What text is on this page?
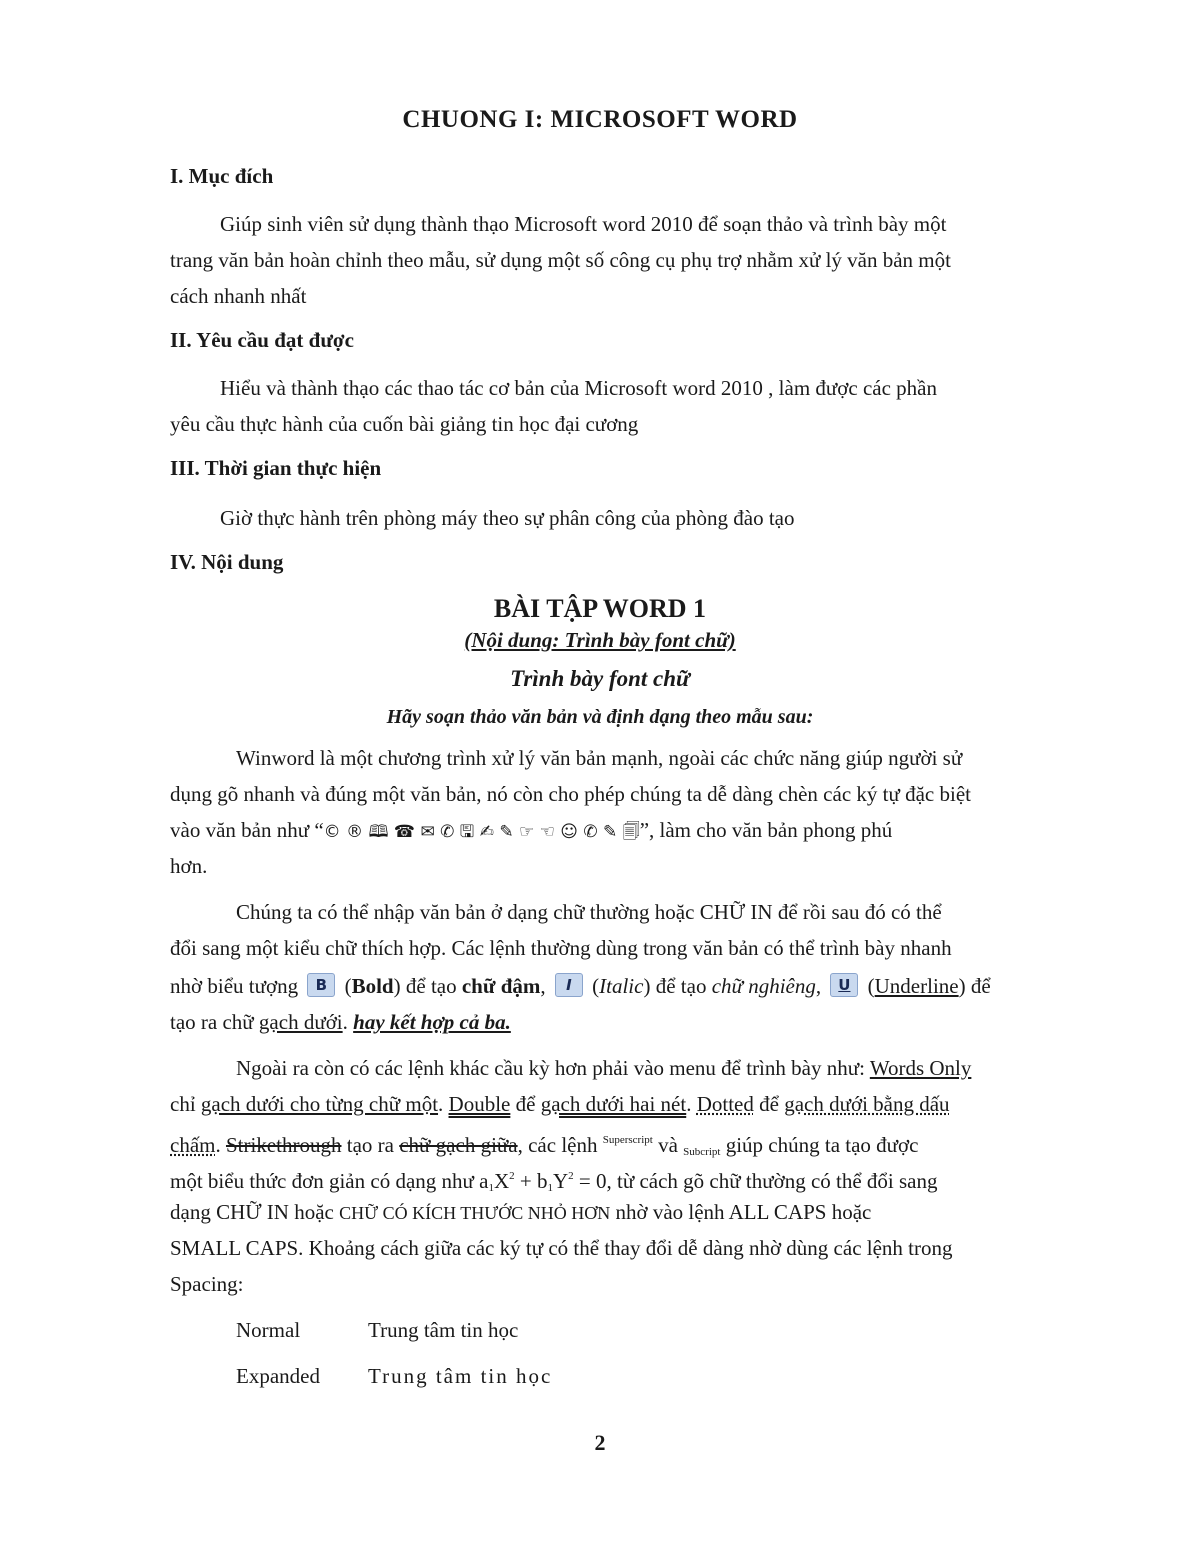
CHUONG I: MICROSOFT WORD
I. Mục đích
Giúp sinh viên sử dụng thành thạo Microsoft word 2010 để soạn thảo và trình bày một
trang văn bản hoàn chỉnh theo mẫu, sử dụng một số công cụ phụ trợ nhằm xử lý văn bản một
cách nhanh nhất
II. Yêu cầu đạt được
Hiểu và thành thạo các thao tác cơ bản của Microsoft word 2010 , làm được các phần
yêu cầu thực hành của cuốn bài giảng tin học đại cương
III. Thời gian thực hiện
Giờ thực hành trên phòng máy theo sự phân công của phòng đào tạo
IV. Nội dung
BÀI TẬP WORD 1
(Nội dung: Trình bày font chữ)
Trình bày font chữ
Hãy soạn thảo văn bản và định dạng theo mẫu sau:
Winword là một chương trình xử lý văn bản mạnh, ngoài các chức năng giúp người sử
dụng gõ nhanh và đúng một văn bản, nó còn cho phép chúng ta dễ dàng chèn các ký tự đặc biệt
vào văn bản như “© ® 🕮 ☎ ✉ ✆ 🖫 ✍ ✎ ☞ ☜ ☺ ✆ ✎ 🗐”, làm cho văn bản phong phú
hơn.
Chúng ta có thể nhập văn bản ở dạng chữ thường hoặc CHỮ IN để rồi sau đó có thể
đổi sang một kiểu chữ thích hợp. Các lệnh thường dùng trong văn bản có thể trình bày nhanh
nhờ biểu tượng B (Bold) để tạo chữ đậm, I (Italic) để tạo chữ nghiêng, U (Underline) để
tạo ra chữ gạch dưới. hay kết hợp cả ba.
Ngoài ra còn có các lệnh khác cầu kỳ hơn phải vào menu để trình bày như: Words Only
chỉ gạch dưới cho từng chữ một. Double để gạch dưới hai nét. Dotted để gạch dưới bằng dấu
chấm. Strikethrough tạo ra chữ gạch giữa, các lệnh $^{Superscript}$ và $_{Subcript}$ giúp chúng ta tạo được
một biểu thức đơn giản có dạng như $a_1X^2 + b_1Y^2 = 0$, từ cách gõ chữ thường có thể đổi sang
dạng CHỮ IN hoặc CHỮ CÓ KÍCH THƯỚC NHỎ HƠN nhờ vào lệnh ALL CAPS hoặc
SMALL CAPS. Khoảng cách giữa các ký tự có thể thay đổi dễ dàng nhờ dùng các lệnh trong
Spacing:
Normal	Trung tâm tin học
Expanded Trung tâm tin học
2
